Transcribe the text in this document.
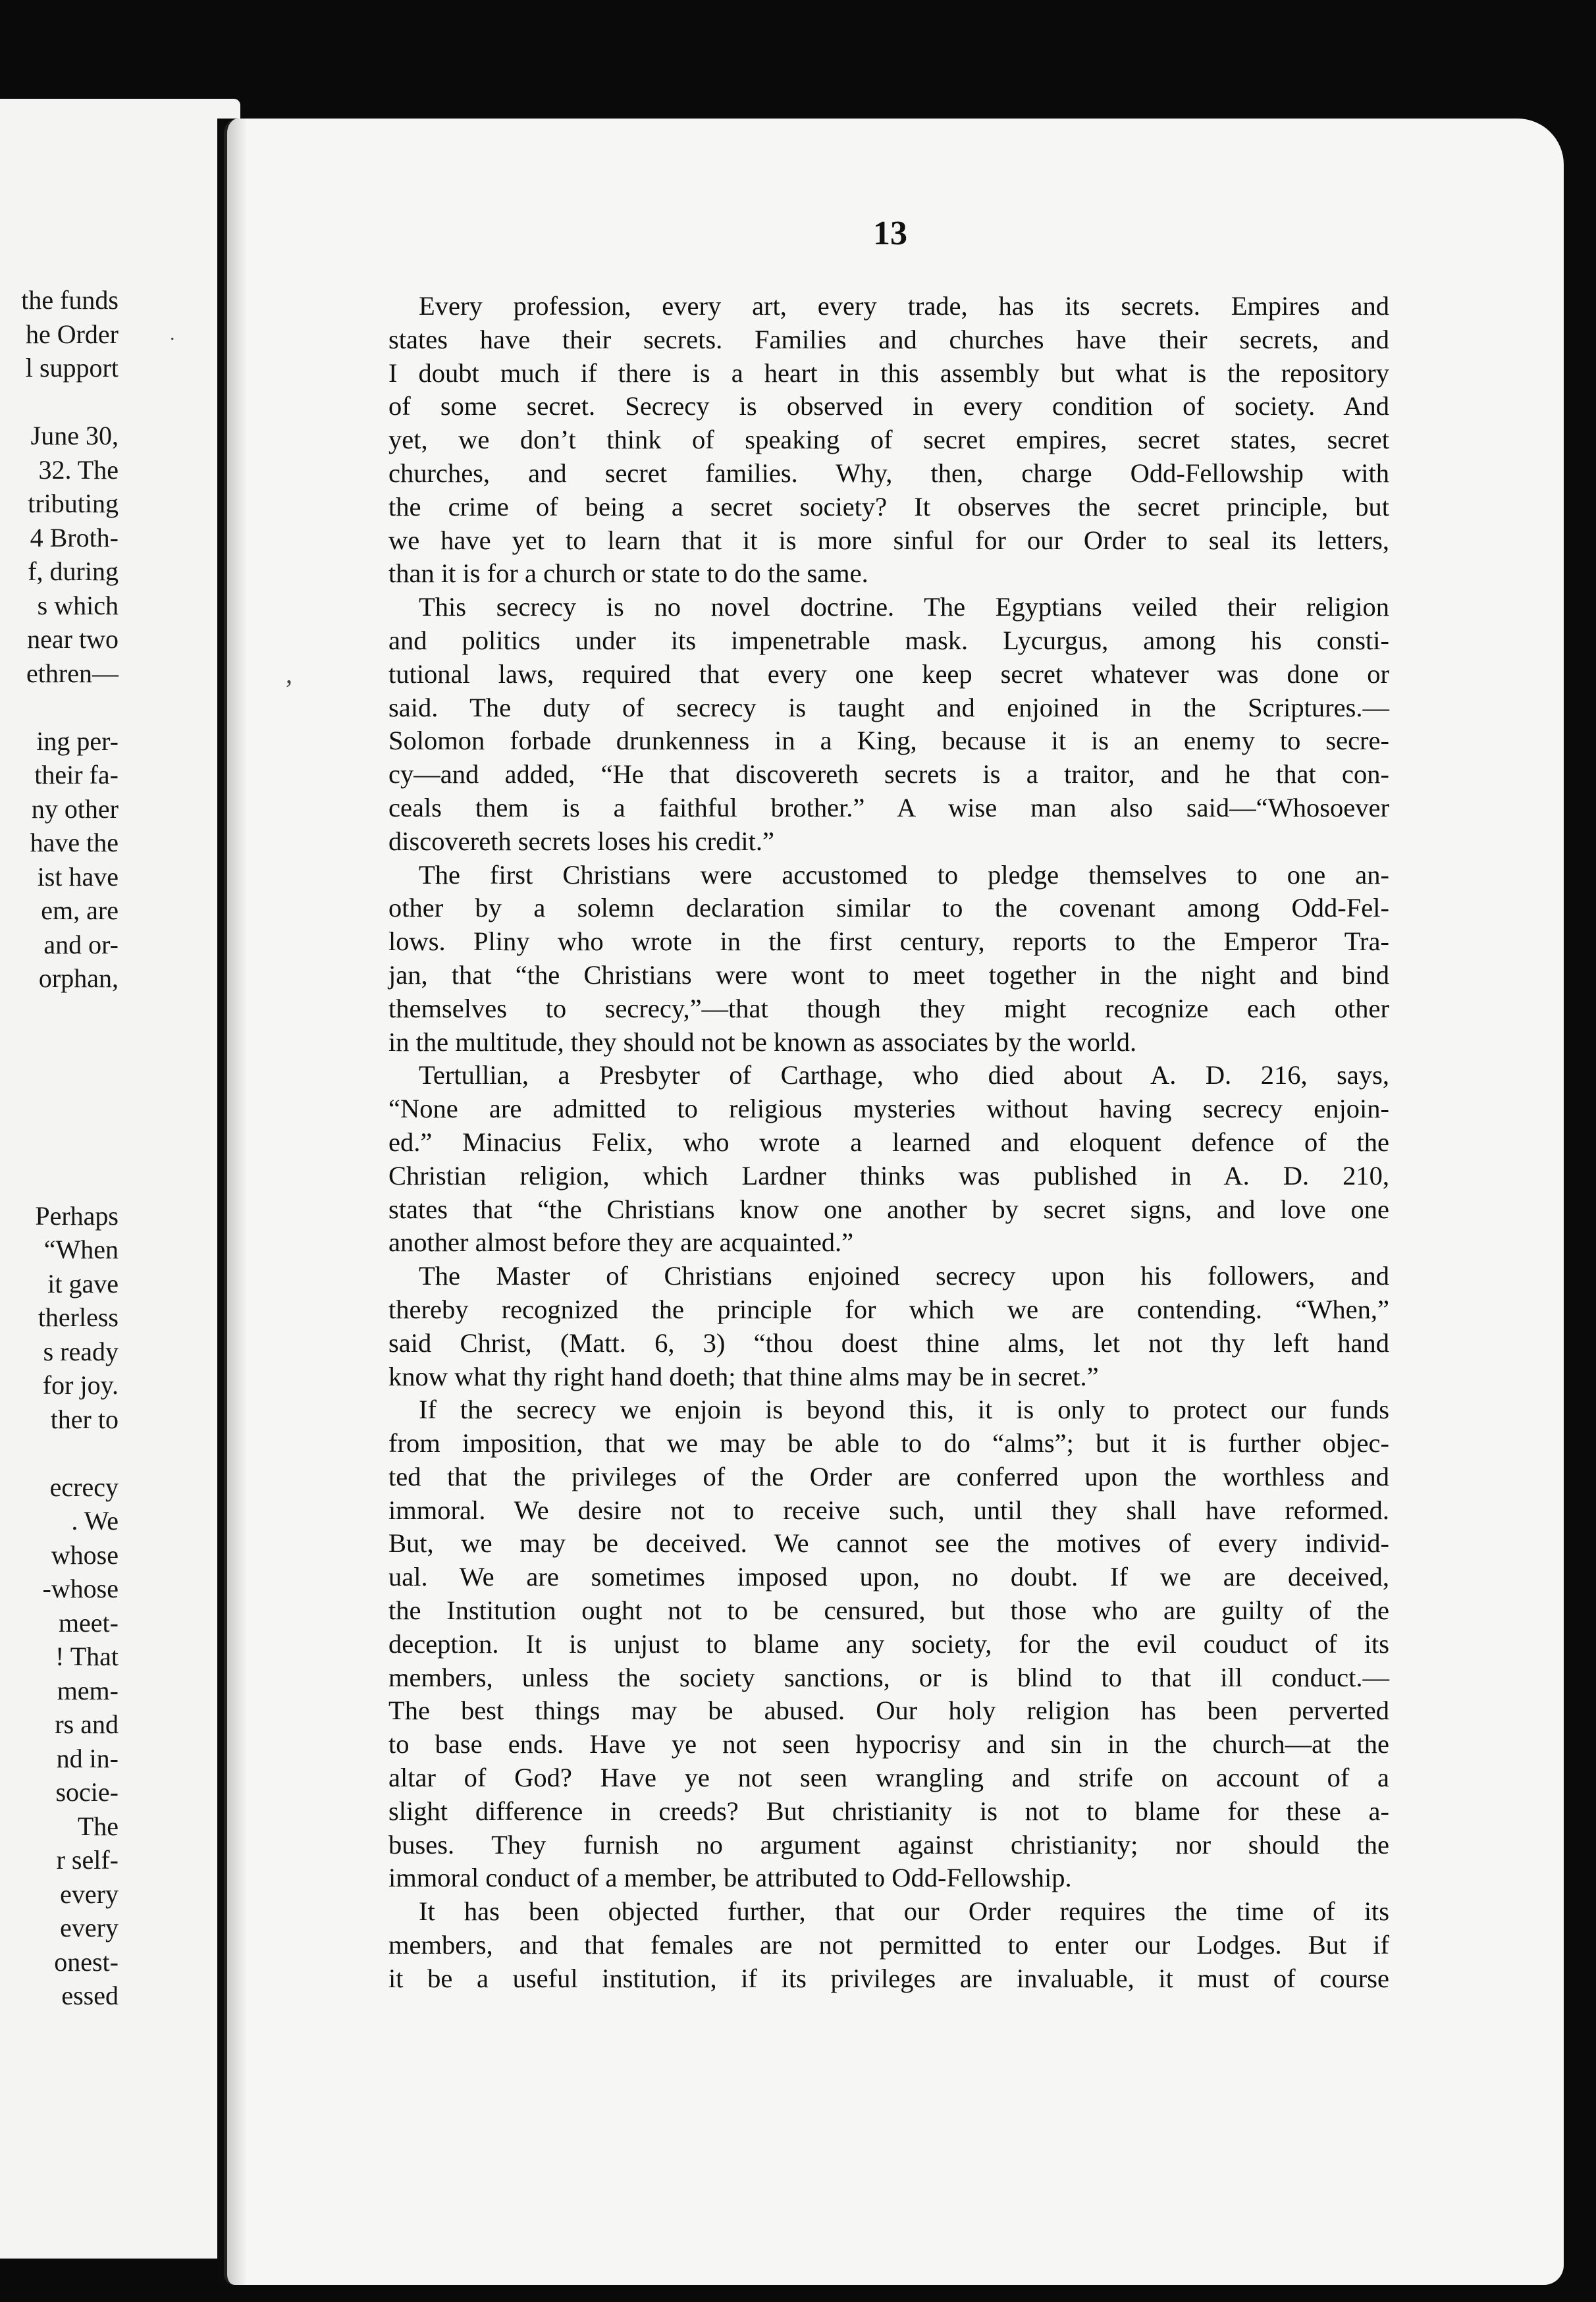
the funds
he Order
l support
June 30,
32. The
tributing
4 Broth-
f, during
s which
near two
ethren—
ing per-
their fa-
ny other
have the
ist have
em, are
and or-
orphan,
Perhaps
“When
it gave
therless
s ready
for joy.
ther to
ecrecy
. We
whose
-whose
meet-
! That
mem-
rs and
nd in-
socie-
The
r self-
every
every
onest-
essed
13
Every profession, every art, every trade, has its secrets. Empires and
states have their secrets. Families and churches have their secrets, and
I doubt much if there is a heart in this assembly but what is the repository
of some secret. Secrecy is observed in every condition of society. And
yet, we don’t think of speaking of secret empires, secret states, secret
churches, and secret families. Why, then, charge Odd-Fellowship with
the crime of being a secret society? It observes the secret principle, but
we have yet to learn that it is more sinful for our Order to seal its letters,
than it is for a church or state to do the same.
This secrecy is no novel doctrine. The Egyptians veiled their religion
and politics under its impenetrable mask. Lycurgus, among his consti-
tutional laws, required that every one keep secret whatever was done or
said. The duty of secrecy is taught and enjoined in the Scriptures.—
Solomon forbade drunkenness in a King, because it is an enemy to secre-
cy—and added, “He that discovereth secrets is a traitor, and he that con-
ceals them is a faithful brother.” A wise man also said—“Whosoever
discovereth secrets loses his credit.”
The first Christians were accustomed to pledge themselves to one an-
other by a solemn declaration similar to the covenant among Odd-Fel-
lows. Pliny who wrote in the first century, reports to the Emperor Tra-
jan, that “the Christians were wont to meet together in the night and bind
themselves to secrecy,”—that though they might recognize each other
in the multitude, they should not be known as associates by the world.
Tertullian, a Presbyter of Carthage, who died about A. D. 216, says,
“None are admitted to religious mysteries without having secrecy enjoin-
ed.” Minacius Felix, who wrote a learned and eloquent defence of the
Christian religion, which Lardner thinks was published in A. D. 210,
states that “the Christians know one another by secret signs, and love one
another almost before they are acquainted.”
The Master of Christians enjoined secrecy upon his followers, and
thereby recognized the principle for which we are contending. “When,”
said Christ, (Matt. 6, 3) “thou doest thine alms, let not thy left hand
know what thy right hand doeth; that thine alms may be in secret.”
If the secrecy we enjoin is beyond this, it is only to protect our funds
from imposition, that we may be able to do “alms”; but it is further objec-
ted that the privileges of the Order are conferred upon the worthless and
immoral. We desire not to receive such, until they shall have reformed.
But, we may be deceived. We cannot see the motives of every individ-
ual. We are sometimes imposed upon, no doubt. If we are deceived,
the Institution ought not to be censured, but those who are guilty of the
deception. It is unjust to blame any society, for the evil couduct of its
members, unless the society sanctions, or is blind to that ill conduct.—
The best things may be abused. Our holy religion has been perverted
to base ends. Have ye not seen hypocrisy and sin in the church—at the
altar of God? Have ye not seen wrangling and strife on account of a
slight difference in creeds? But christianity is not to blame for these a-
buses. They furnish no argument against christianity; nor should the
immoral conduct of a member, be attributed to Odd-Fellowship.
It has been objected further, that our Order requires the time of its
members, and that females are not permitted to enter our Lodges. But if
it be a useful institution, if its privileges are invaluable, it must of course
,
.
